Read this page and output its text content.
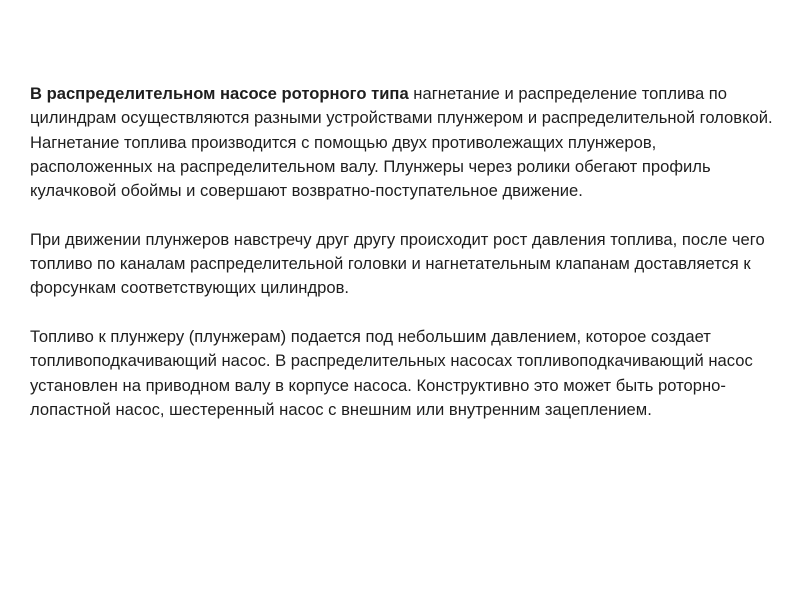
В распределительном насосе роторного типа нагнетание и распределение топлива по цилиндрам осуществляются разными устройствами плунжером и распределительной головкой. Нагнетание топлива производится с помощью двух противолежащих плунжеров, расположенных на распределительном валу. Плунжеры через ролики обегают профиль кулачковой обоймы и совершают возвратно-поступательное движение.

При движении плунжеров навстречу друг другу происходит рост давления топлива, после чего топливо по каналам распределительной головки и нагнетательным клапанам доставляется к форсункам соответствующих цилиндров.

Топливо к плунжеру (плунжерам) подается под небольшим давлением, которое создает топливоподкачивающий насос. В распределительных насосах топливоподкачивающий насос установлен на приводном валу в корпусе насоса. Конструктивно это может быть роторно-лопастной насос, шестеренный насос с внешним или внутренним зацеплением.
